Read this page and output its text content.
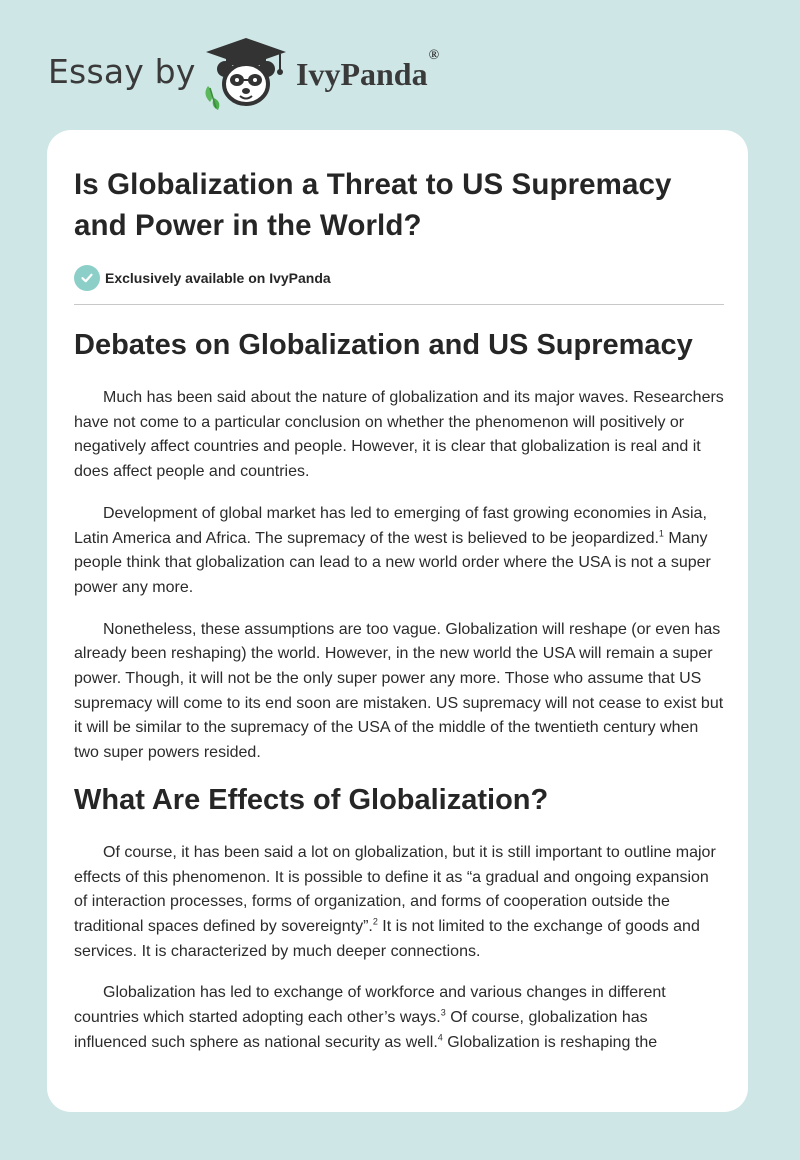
Essay by	IvyPanda®
Is Globalization a Threat to US Supremacy and Power in the World?
Exclusively available on IvyPanda
Debates on Globalization and US Supremacy

Much has been said about the nature of globalization and its major waves. Researchers have not come to a particular conclusion on whether the phenomenon will positively or negatively affect countries and people. However, it is clear that globalization is real and it does affect people and countries.

Development of global market has led to emerging of fast growing economies in Asia, Latin America and Africa. The supremacy of the west is believed to be jeopardized.$^1$ Many people think that globalization can lead to a new world order where the USA is not a super power any more.

Nonetheless, these assumptions are too vague. Globalization will reshape (or even has already been reshaping) the world. However, in the new world the USA will remain a super power. Though, it will not be the only super power any more. Those who assume that US supremacy will come to its end soon are mistaken. US supremacy will not cease to exist but it will be similar to the supremacy of the USA of the middle of the twentieth century when two super powers resided.

What Are Effects of Globalization?

Of course, it has been said a lot on globalization, but it is still important to outline major effects of this phenomenon. It is possible to define it as “a gradual and ongoing expansion of interaction processes, forms of organization, and forms of cooperation outside the traditional spaces defined by sovereignty”.$^2$ It is not limited to the exchange of goods and services. It is characterized by much deeper connections.

Globalization has led to exchange of workforce and various changes in different countries which started adopting each other’s ways.$^3$ Of course, globalization has influenced such sphere as national security as well.$^4$ Globalization is reshaping the
